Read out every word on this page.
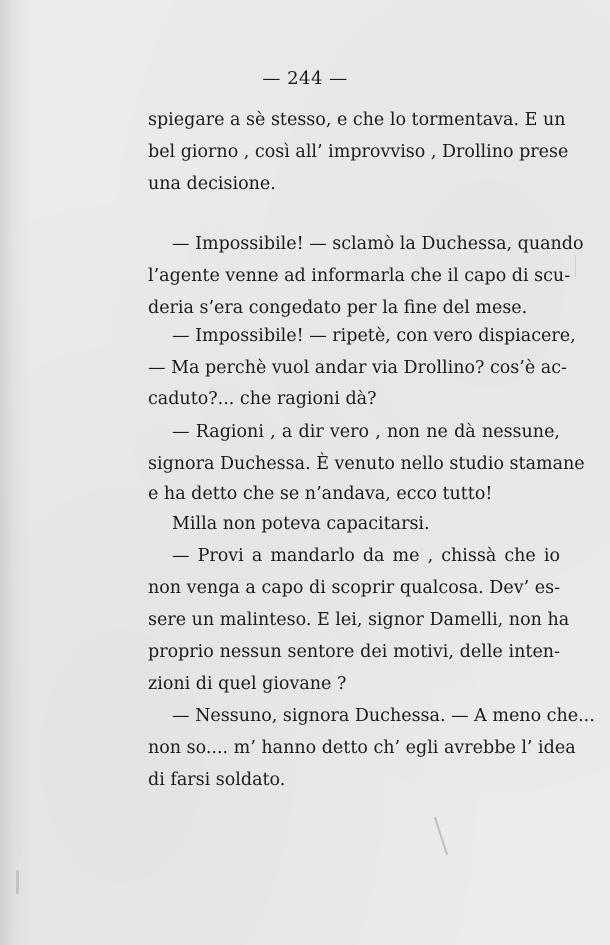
— 244 —
spiegare a sè stesso, e che lo tormentava. E un
bel giorno , così all’ improvviso , Drollino prese
una decisione.
— Impossibile! — sclamò la Duchessa, quando
l’agente venne ad informarla che il capo di scu-
deria s’era congedato per la fine del mese.
— Impossibile! — ripetè, con vero dispiacere,
— Ma perchè vuol andar via Drollino? cos’è ac-
caduto?... che ragioni dà?
— Ragioni , a dir vero , non ne dà nessune,
signora Duchessa. È venuto nello studio stamane
e ha detto che se n’andava, ecco tutto!
Milla non poteva capacitarsi.
— Provi a mandarlo da me , chissà che io
non venga a capo di scoprir qualcosa. Dev’ es-
sere un malinteso. E lei, signor Damelli, non ha
proprio nessun sentore dei motivi, delle inten-
zioni di quel giovane ?
— Nessuno, signora Duchessa. — A meno che...
non so.... m’ hanno detto ch’ egli avrebbe l’ idea
di farsi soldato.
